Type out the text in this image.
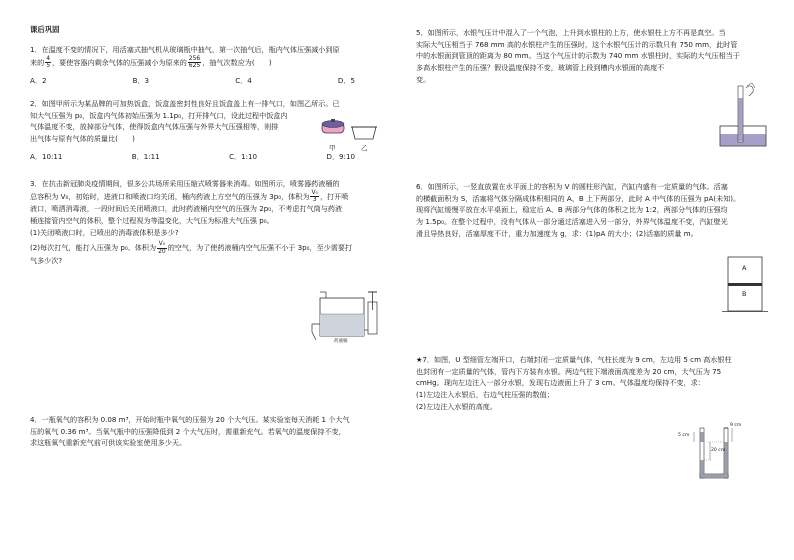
课后巩固

1．在温度不变的情况下，用活塞式抽气机从玻璃瓶中抽气，第一次抽气后，瓶内气体压强减小到原

来的 $\frac{4}{5}$ ，要使容器内剩余气体的压强减小为原来的 $\frac{256}{625}$ ，抽气次数应为(　　)

A．2	B．3	C．4	D．5

2．如图甲所示为某品牌的可加热饭盒，饭盒盖密封性良好且饭盒盖上有一排气口，如图乙所示。已

知大气压强为 p₀，饭盒内气体初始压强为 1.1p₀，打开排气口，设此过程中饭盒内

气体温度不变，放掉部分气体，使得饭盒内气体压强与外界大气压强相等，则排

出气体与原有气体的质量比(　　)

A．10:11	B．1:11	C．1:10	D．9:10
甲	乙

3．在抗击新冠肺炎疫情期间，很多公共场所采用压缩式喷雾器来消毒。如图所示，喷雾器药液桶的

总容积为 V₀，初始时，进液口和喷液口均关闭，桶内药液上方空气的压强为 3p₀，体积为 $\frac{\text{V₀}}{3}$ ，打开喷

液口，喷洒消毒液，一段时间后关闭喷液口，此时药液桶内空气的压强为 2p₀，不考虑打气筒与药液

桶连接管内空气的体积，整个过程视为等温变化，大气压为标准大气压强 p₀。

(1)关闭喷液口时，已喷出的消毒液体积是多少?

(2)每次打气，能打入压强为 p₀、体积为 $\frac{\text{V₀}}{20}$ 的空气，为了使药液桶内空气压强不小于 3p₀，至少需要打

气多少次?

药液桶

4．一瓶氧气的容积为 0.08 m³，开始时瓶中氧气的压强为 20 个大气压。某实验室每天消耗 1 个大气

压的氧气 0.36 m³。当氧气瓶中的压强降低到 2 个大气压时，需重新充气。若氧气的温度保持不变，

求这瓶氧气重新充气前可供该实验室使用多少天。

5．如图所示，水银气压计中混入了一个气泡，上升到水银柱的上方，使水银柱上方不再是真空。当

实际大气压相当于 768 mm 高的水银柱产生的压强时，这个水银气压计的示数只有 750 mm，此时管

中的水银面到管顶的距离为 80 mm。当这个气压计的示数为 740 mm 水银柱时，实际的大气压相当于

多高水银柱产生的压强？假设温度保持不变，玻璃管上段到槽内水银面的高度不

变。

6．如图所示，一竖直放置在水平面上的容积为 V 的圆柱形汽缸，汽缸内盛有一定质量的气体。活塞

的横截面积为 S，活塞将气体分隔成体积相同的 A、B 上下两部分，此时 A 中气体的压强为 pA(未知)。

现将汽缸缓慢平放在水平桌面上，稳定后 A、B 两部分气体的体积之比为 1:2，两部分气体的压强均

为 1.5p₀。在整个过程中，没有气体从一部分通过活塞进入另一部分，外界气体温度不变，汽缸壁光

滑且导热良好，活塞厚度不计，重力加速度为 g，求：(1)pA 的大小；(2)活塞的质量 m。

A
B

★7．如图，U 型细管左端开口，右端封闭一定质量气体，气柱长度为 9 cm，左边用 5 cm 高水银柱

也封闭有一定质量的气体，管内下方装有水银。两边气柱下端液面高度差为 20 cm，大气压为 75

cmHg。现向左边注入一部分水银，发现右边液面上升了 3 cm。气体温度均保持不变，求：

(1)左边注入水银后，右边气柱压强的数值；

(2)左边注入水银的高度。

5 cm
9 cm
20 cm
